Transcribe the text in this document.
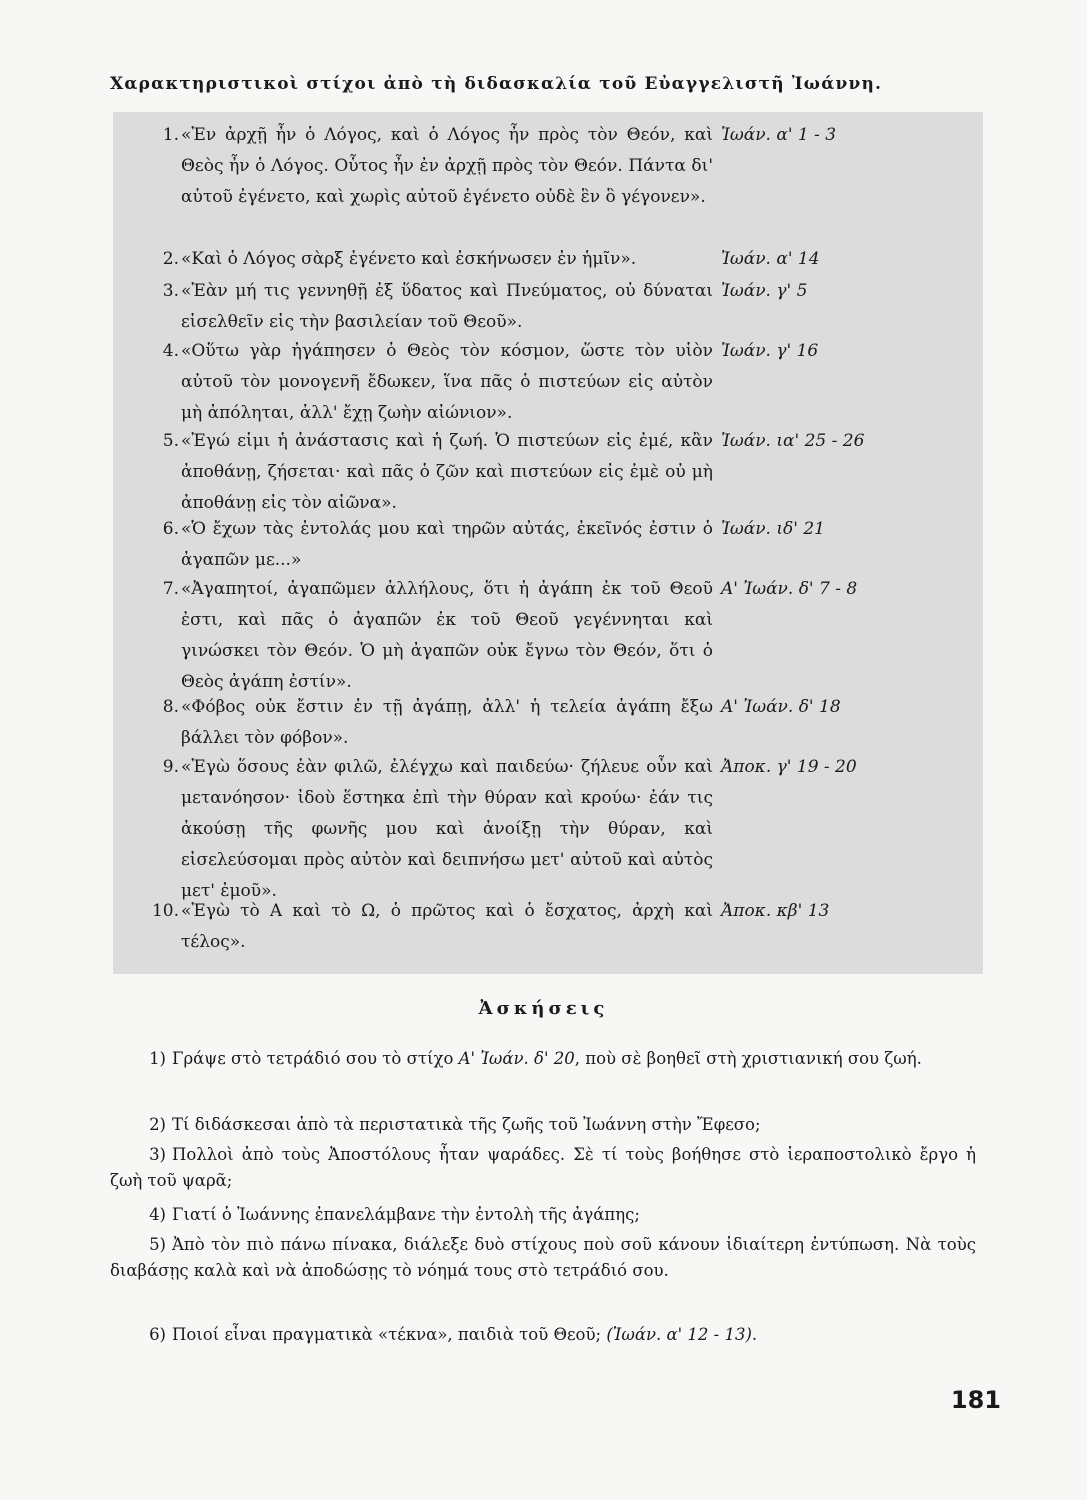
Χαρακτηριστικοὶ στίχοι ἀπὸ τὴ διδασκαλία τοῦ Εὐαγγελιστῆ Ἰωάννη.
1. «Ἐν ἀρχῇ ἦν ὁ Λόγος, καὶ ὁ Λόγος ἦν πρὸς τὸν Θεόν, καὶ Θεὸς ἦν ὁ Λόγος. Οὗτος ἦν ἐν ἀρχῇ πρὸς τὸν Θεόν. Πάντα δι' αὐτοῦ ἐγένετο, καὶ χωρὶς αὐτοῦ ἐγένετο οὐδὲ ἓν ὃ γέγονεν».
Ἰωάν. α' 1 - 3
2. «Καὶ ὁ Λόγος σὰρξ ἐγένετο καὶ ἐσκήνωσεν ἐν ἡμῖν».	Ἰωάν. α' 14
3. «Ἐὰν μή τις γεννηθῇ ἐξ ὕδατος καὶ Πνεύματος, οὐ δύναται εἰσελθεῖν εἰς τὴν βασιλείαν τοῦ Θεοῦ».
Ἰωάν. γ' 5
4. «Οὕτω γὰρ ἠγάπησεν ὁ Θεὸς τὸν κόσμον, ὥστε τὸν υἱὸν αὐτοῦ τὸν μονογενῆ ἔδωκεν, ἵνα πᾶς ὁ πιστεύων εἰς αὐτὸν μὴ ἀπόληται, ἀλλ' ἔχῃ ζωὴν αἰώνιον».
Ἰωάν. γ' 16
5. «Ἐγώ εἰμι ἡ ἀνάστασις καὶ ἡ ζωή. Ὁ πιστεύων εἰς ἐμέ, κἂν ἀποθάνῃ, ζήσεται· καὶ πᾶς ὁ ζῶν καὶ πιστεύων εἰς ἐμὲ οὐ μὴ ἀποθάνῃ εἰς τὸν αἰῶνα».
Ἰωάν. ια' 25 - 26
6. «Ὁ ἔχων τὰς ἐντολάς μου καὶ τηρῶν αὐτάς, ἐκεῖνός ἐστιν ὁ ἀγαπῶν με...»
Ἰωάν. ιδ' 21
7. «Ἀγαπητοί, ἀγαπῶμεν ἀλλήλους, ὅτι ἡ ἀγάπη ἐκ τοῦ Θεοῦ ἐστι, καὶ πᾶς ὁ ἀγαπῶν ἐκ τοῦ Θεοῦ γεγέννηται καὶ γινώσκει τὸν Θεόν. Ὁ μὴ ἀγαπῶν οὐκ ἔγνω τὸν Θεόν, ὅτι ὁ Θεὸς ἀγάπη ἐστίν».
Α' Ἰωάν. δ' 7 - 8
8. «Φόβος οὐκ ἔστιν ἐν τῇ ἀγάπῃ, ἀλλ' ἡ τελεία ἀγάπη ἔξω βάλλει τὸν φόβον».
Α' Ἰωάν. δ' 18
9. «Ἐγὼ ὅσους ἐὰν φιλῶ, ἐλέγχω καὶ παιδεύω· ζήλευε οὖν καὶ μετανόησον· ἰδοὺ ἕστηκα ἐπὶ τὴν θύραν καὶ κρούω· ἐάν τις ἀκούσῃ τῆς φωνῆς μου καὶ ἀνοίξῃ τὴν θύραν, καὶ εἰσελεύσομαι πρὸς αὐτὸν καὶ δειπνήσω μετ' αὐτοῦ καὶ αὐτὸς μετ' ἐμοῦ».
Ἀποκ. γ' 19 - 20
10. «Ἐγὼ τὸ Α καὶ τὸ Ω, ὁ πρῶτος καὶ ὁ ἔσχατος, ἀρχὴ καὶ τέλος».
Ἀποκ. κβ' 13
Ἀσκήσεις
1) Γράψε στὸ τετράδιό σου τὸ στίχο Α' Ἰωάν. δ' 20, ποὺ σὲ βοηθεῖ στὴ χριστιανική σου ζωή.
2) Τί διδάσκεσαι ἀπὸ τὰ περιστατικὰ τῆς ζωῆς τοῦ Ἰωάννη στὴν Ἔφεσο;
3) Πολλοὶ ἀπὸ τοὺς Ἀποστόλους ἦταν ψαράδες. Σὲ τί τοὺς βοήθησε στὸ ἱεραποστολικὸ ἔργο ἡ ζωὴ τοῦ ψαρᾶ;
4) Γιατί ὁ Ἰωάννης ἐπανελάμβανε τὴν ἐντολὴ τῆς ἀγάπης;
5) Ἀπὸ τὸν πιὸ πάνω πίνακα, διάλεξε δυὸ στίχους ποὺ σοῦ κάνουν ἰδιαίτερη ἐντύπωση. Νὰ τοὺς διαβάσῃς καλὰ καὶ νὰ ἀποδώσῃς τὸ νόημά τους στὸ τετράδιό σου.
6) Ποιοί εἶναι πραγματικὰ «τέκνα», παιδιὰ τοῦ Θεοῦ; (Ἰωάν. α' 12 - 13).
181
